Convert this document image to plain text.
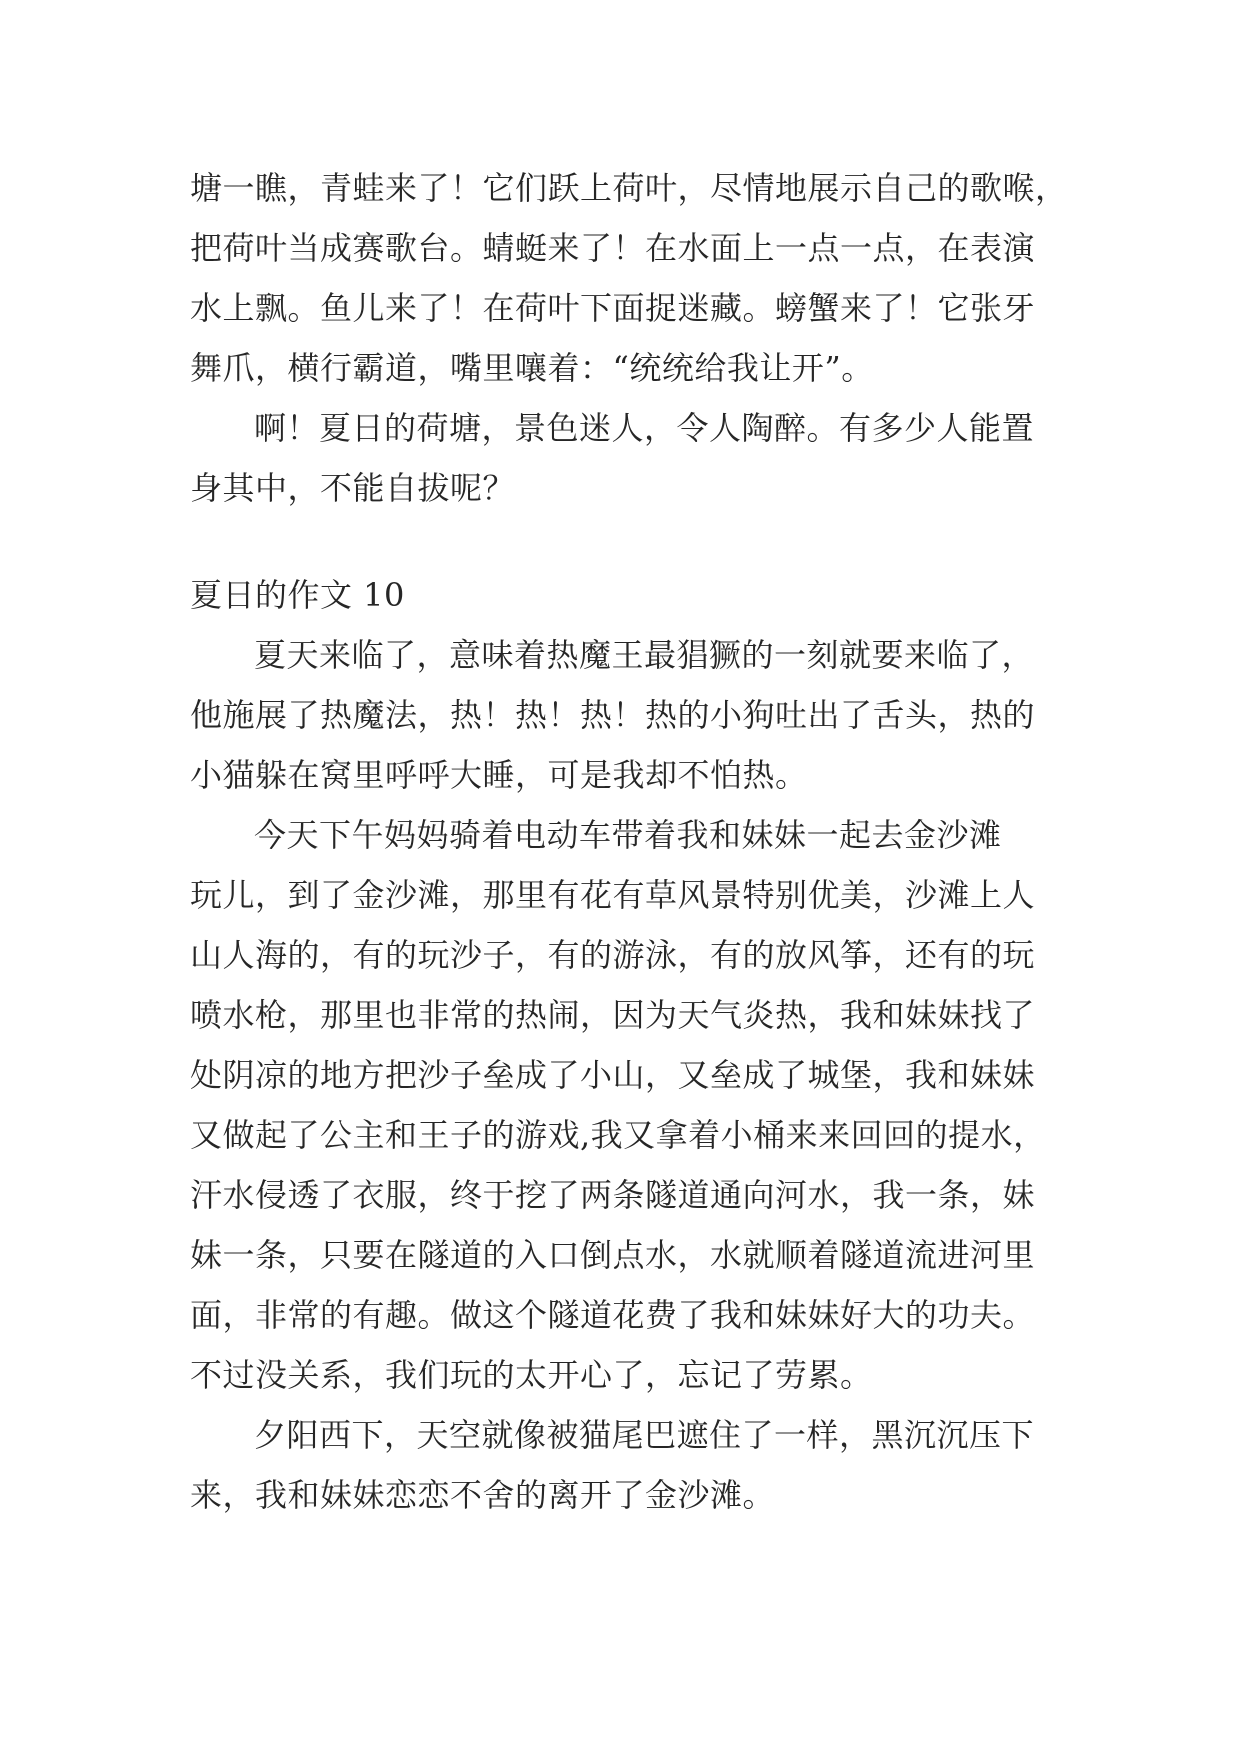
塘一瞧，青蛙来了！它们跃上荷叶，尽情地展示自己的歌喉，
把荷叶当成赛歌台。蜻蜓来了！在水面上一点一点，在表演
水上飘。鱼儿来了！在荷叶下面捉迷藏。螃蟹来了！它张牙
舞爪，横行霸道，嘴里嚷着：“统统给我让开”。
啊！夏日的荷塘，景色迷人，令人陶醉。有多少人能置
身其中，不能自拔呢？
夏日的作文 10
夏天来临了，意味着热魔王最猖獗的一刻就要来临了，
他施展了热魔法，热！热！热！热的小狗吐出了舌头，热的
小猫躲在窝里呼呼大睡，可是我却不怕热。
今天下午妈妈骑着电动车带着我和妹妹一起去金沙滩
玩儿，到了金沙滩，那里有花有草风景特别优美，沙滩上人
山人海的，有的玩沙子，有的游泳，有的放风筝，还有的玩
喷水枪，那里也非常的热闹，因为天气炎热，我和妹妹找了
处阴凉的地方把沙子垒成了小山，又垒成了城堡，我和妹妹
又做起了公主和王子的游戏,我又拿着小桶来来回回的提水，
汗水侵透了衣服，终于挖了两条隧道通向河水，我一条，妹
妹一条，只要在隧道的入口倒点水，水就顺着隧道流进河里
面，非常的有趣。做这个隧道花费了我和妹妹好大的功夫。
不过没关系，我们玩的太开心了，忘记了劳累。
夕阳西下，天空就像被猫尾巴遮住了一样，黑沉沉压下
来，我和妹妹恋恋不舍的离开了金沙滩。
